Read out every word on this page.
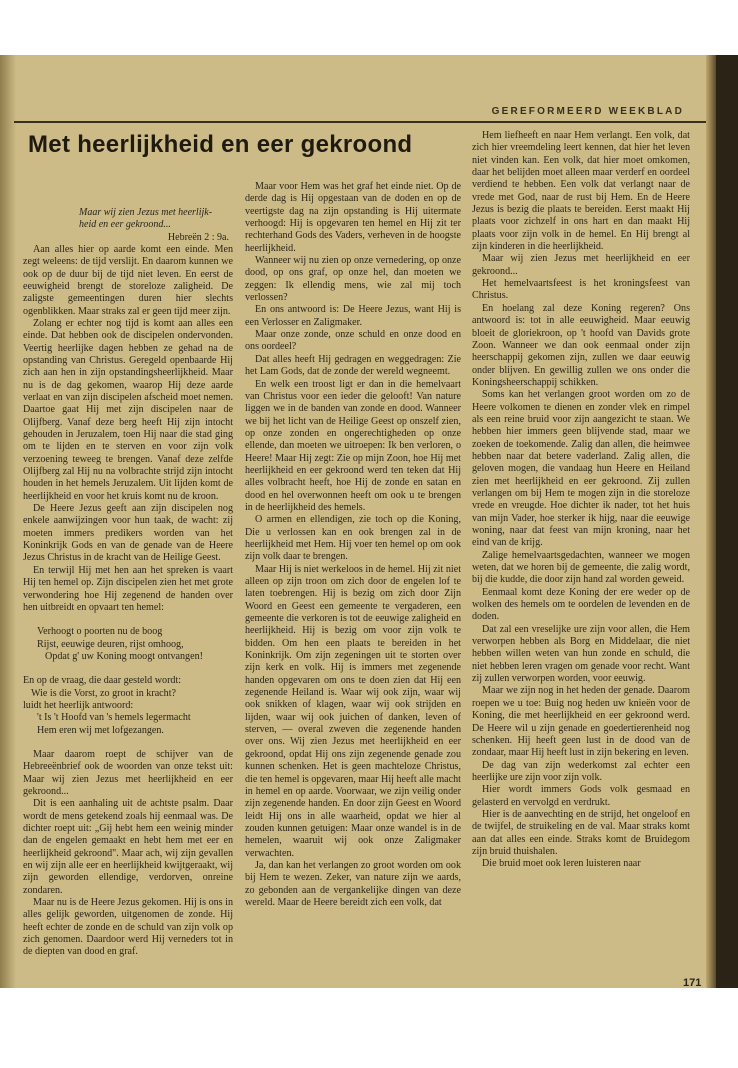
GEREFORMEERD WEEKBLAD
Met heerlijkheid en eer gekroond
Maar wij zien Jezus met heerlijk-
heid en eer gekroond...
Hebreën 2 : 9a.

Aan alles hier op aarde komt een einde. Men zegt weleens: de tijd verslijt. En daarom kunnen we ook op de duur bij de tijd niet leven. En eerst de eeuwigheid brengt de storeloze zaligheid. De zaligste gemeentingen duren hier slechts ogenblikken. Maar straks zal er geen tijd meer zijn.

Zolang er echter nog tijd is komt aan alles een einde. Dat hebben ook de discipelen ondervonden. Veertig heerlijke dagen hebben ze gehad na de opstanding van Christus. Geregeld openbaarde Hij zich aan hen in zijn opstandingsheerlijkheid. Maar nu is de dag gekomen, waarop Hij deze aarde verlaat en van zijn discipelen afscheid moet nemen. Daartoe gaat Hij met zijn discipelen naar de Olijfberg. Vanaf deze berg heeft Hij zijn intocht gehouden in Jeruzalem, toen Hij naar die stad ging om te lijden en te sterven en voor zijn volk verzoening teweeg te brengen. Vanaf deze zelfde Olijfberg zal Hij nu na volbrachte strijd zijn intocht houden in het hemels Jeruzalem. Uit lijden komt de heerlijkheid en voor het kruis komt nu de kroon.

De Heere Jezus geeft aan zijn discipelen nog enkele aanwijzingen voor hun taak, de wacht: zij moeten immers predikers worden van het Koninkrijk Gods en van de genade van de Heere Jezus Christus in de kracht van de Heilige Geest.

En terwijl Hij met hen aan het spreken is vaart Hij ten hemel op. Zijn discipelen zien het met grote verwondering hoe Hij zegenend de handen over hen uitbreidt en opvaart ten hemel:

Verhoogt o poorten nu de boog
Rijst, eeuwige deuren, rijst omhoog,
Opdat g' uw Koning moogt ontvangen!
En op de vraag, die daar gesteld wordt:
Wie is die Vorst, zo groot in kracht?
luidt het heerlijk antwoord:
't Is 't Hoofd van 's hemels legermacht
Hem eren wij met lofgezangen.

Maar daarom roept de schijver van de Hebreeënbrief ook de woorden van onze tekst uit: Maar wij zien Jezus met heerlijkheid en eer gekroond...

Dit is een aanhaling uit de achtste psalm. Daar wordt de mens getekend zoals hij eenmaal was. De dichter roept uit: „Gij hebt hem een weinig minder dan de engelen gemaakt en hebt hem met eer en heerlijkheid gekroond". Maar ach, wij zijn gevallen en wij zijn alle eer en heerlijkheid kwijtgeraakt, wij zijn geworden ellendige, verdorven, onreine zondaren.

Maar nu is de Heere Jezus gekomen. Hij is ons in alles gelijk geworden, uitgenomen de zonde. Hij heeft echter de zonde en de schuld van zijn volk op zich genomen. Daardoor werd Hij verneders tot in de diepten van dood en graf.

Maar voor Hem was het graf het einde niet. Op de derde dag is Hij opgestaan van de doden en op de veertigste dag na zijn opstanding is Hij uitermate verhoogd: Hij is opgevaren ten hemel en Hij zit ter rechterhand Gods des Vaders, verheven in de hoogste heerlijkheid.

Wanneer wij nu zien op onze vernedering, op onze dood, op ons graf, op onze hel, dan moeten we zeggen: Ik ellendig mens, wie zal mij toch verlossen?

En ons antwoord is: De Heere Jezus, want Hij is een Verlosser en Zaligmaker.

Maar onze zonde, onze schuld en onze dood en ons oordeel?

Dat alles heeft Hij gedragen en weggedragen: Zie het Lam Gods, dat de zonde der wereld wegneemt.

En welk een troost ligt er dan in die hemelvaart van Christus voor een ieder die gelooft! Van nature liggen we in de banden van zonde en dood. Wanneer we bij het licht van de Heilige Geest op onszelf zien, op onze zonden en ongerechtigheden op onze ellende, dan moeten we uitroepen: Ik ben verloren, o Heere! Maar Hij zegt: Zie op mijn Zoon, hoe Hij met heerlijkheid en eer gekroond werd ten teken dat Hij alles volbracht heeft, hoe Hij de zonde en satan en dood en hel overwonnen heeft om ook u te brengen in de heerlijkheid des hemels.

O armen en ellendigen, zie toch op die Koning, Die u verlossen kan en ook brengen zal in de heerlijkheid met Hem. Hij voer ten hemel op om ook zijn volk daar te brengen.

Maar Hij is niet werkeloos in de hemel. Hij zit niet alleen op zijn troon om zich door de engelen lof te laten toebrengen. Hij is bezig om zich door Zijn Woord en Geest een gemeente te vergaderen, een gemeente die verkoren is tot de eeuwige zaligheid en heerlijkheid. Hij is bezig om voor zijn volk te bidden. Om hen een plaats te bereiden in het Koninkrijk. Om zijn zegeningen uit te storten over zijn kerk en volk. Hij is immers met zegenende handen opgevaren om ons te doen zien dat Hij een zegenende Heiland is. Waar wij ook zijn, waar wij ook snikken of klagen, waar wij ook strijden en lijden, waar wij ook juichen of danken, leven of sterven, — overal zweven die zegenende handen over ons. Wij zien Jezus met heerlijkheid en eer gekroond, opdat Hij ons zijn zegenende genade zou kunnen schenken. Het is geen machteloze Christus, die ten hemel is opgevaren, maar Hij heeft alle macht in hemel en op aarde. Voorwaar, we zijn veilig onder zijn zegenende handen. En door zijn Geest en Woord leidt Hij ons in alle waarheid, opdat we hier al zouden kunnen getuigen: Maar onze wandel is in de hemelen, waaruit wij ook onze Zaligmaker verwachten.

Ja, dan kan het verlangen zo groot worden om ook bij Hem te wezen. Zeker, van nature zijn we aards, zo gebonden aan de vergankelijke dingen van deze wereld. Maar de Heere bereidt zich een volk, dat

Hem liefheeft en naar Hem verlangt. Een volk, dat zich hier vreemdeling leert kennen, dat hier het leven niet vinden kan. Een volk, dat hier moet omkomen, daar het belijden moet alleen maar verderf en oordeel verdiend te hebben. Een volk dat verlangt naar de vrede met God, naar de rust bij Hem. En de Heere Jezus is bezig die plaats te bereiden. Eerst maakt Hij plaats voor zichzelf in ons hart en dan maakt Hij plaats voor zijn volk in de hemel. En Hij brengt al zijn kinderen in die heerlijkheid.

Maar wij zien Jezus met heerlijkheid en eer gekroond...

Het hemelvaartsfeest is het kroningsfeest van Christus.

En hoelang zal deze Koning regeren? Ons antwoord is: tot in alle eeuwigheid. Maar eeuwig bloeit de gloriekroon, op 't hoofd van Davids grote Zoon. Wanneer we dan ook eenmaal onder zijn heerschappij gekomen zijn, zullen we daar eeuwig onder blijven. En gewillig zullen we ons onder die Koningsheerschappij schikken.

Soms kan het verlangen groot worden om zo de Heere volkomen te dienen en zonder vlek en rimpel als een reine bruid voor zijn aangezicht te staan. We hebben hier immers geen blijvende stad, maar we zoeken de toekomende. Zalig dan allen, die heimwee hebben naar dat betere vaderland. Zalig allen, die geloven mogen, die vandaag hun Heere en Heiland zien met heerlijkheid en eer gekroond. Zij zullen verlangen om bij Hem te mogen zijn in die storeloze vrede en vreugde. Hoe dichter ik nader, tot het huis van mijn Vader, hoe sterker ik hijg, naar die eeuwige woning, naar dat feest van mijn kroning, naar het eind van de krijg.

Zalige hemelvaartsgedachten, wanneer we mogen weten, dat we horen bij de gemeente, die zalig wordt, bij die kudde, die door zijn hand zal worden geweid.

Eenmaal komt deze Koning der ere weder op de wolken des hemels om te oordelen de levenden en de doden.

Dat zal een vreselijke ure zijn voor allen, die Hem verworpen hebben als Borg en Middelaar, die niet hebben willen weten van hun zonde en schuld, die niet hebben leren vragen om genade voor recht. Want zij zullen verworpen worden, voor eeuwig.

Maar we zijn nog in het heden der genade. Daarom roepen we u toe: Buig nog heden uw knieën voor de Koning, die met heerlijkheid en eer gekroond werd. De Heere wil u zijn genade en goedertierenheid nog schenken. Hij heeft geen lust in de dood van de zondaar, maar Hij heeft lust in zijn bekering en leven.

De dag van zijn wederkomst zal echter een heerlijke ure zijn voor zijn volk.

Hier wordt immers Gods volk gesmaad en gelasterd en vervolgd en verdrukt.

Hier is de aanvechting en de strijd, het ongeloof en de twijfel, de struikeling en de val. Maar straks komt aan dat alles een einde. Straks komt de Bruidegom zijn bruid thuishalen.

Die bruid moet ook leren luisteren naar

171
